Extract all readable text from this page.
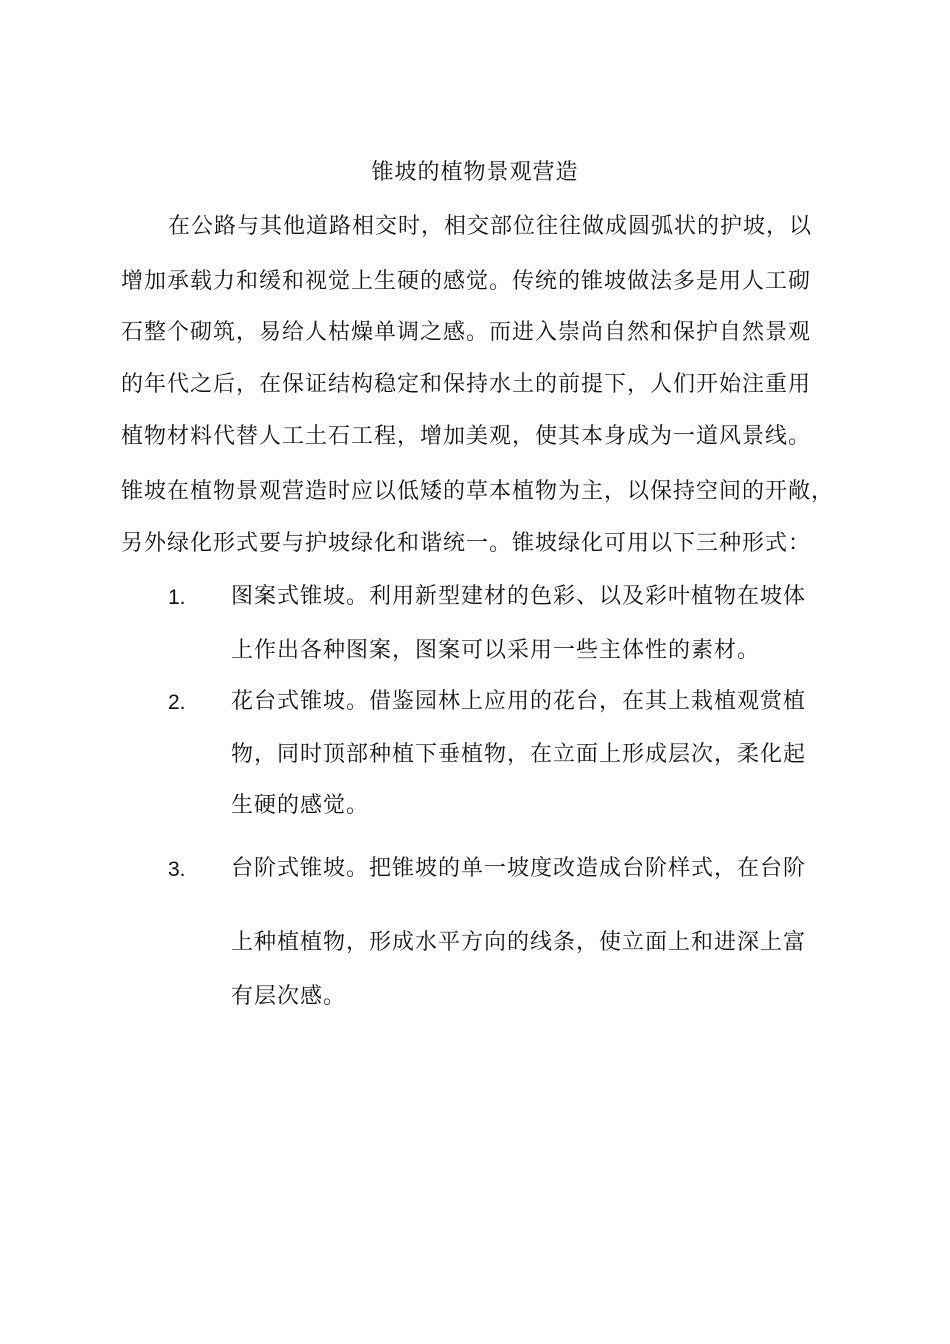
锥坡的植物景观营造
在公路与其他道路相交时，相交部位往往做成圆弧状的护坡，以
增加承载力和缓和视觉上生硬的感觉。传统的锥坡做法多是用人工砌
石整个砌筑，易给人枯燥单调之感。而进入崇尚自然和保护自然景观
的年代之后，在保证结构稳定和保持水土的前提下，人们开始注重用
植物材料代替人工土石工程，增加美观，使其本身成为一道风景线。
锥坡在植物景观营造时应以低矮的草本植物为主，以保持空间的开敞，
另外绿化形式要与护坡绿化和谐统一。锥坡绿化可用以下三种形式：
1. 图案式锥坡。利用新型建材的色彩、以及彩叶植物在坡体
上作出各种图案，图案可以采用一些主体性的素材。
2. 花台式锥坡。借鉴园林上应用的花台，在其上栽植观赏植
物，同时顶部种植下垂植物，在立面上形成层次，柔化起
生硬的感觉。
3. 台阶式锥坡。把锥坡的单一坡度改造成台阶样式，在台阶
上种植植物，形成水平方向的线条，使立面上和进深上富
有层次感。
